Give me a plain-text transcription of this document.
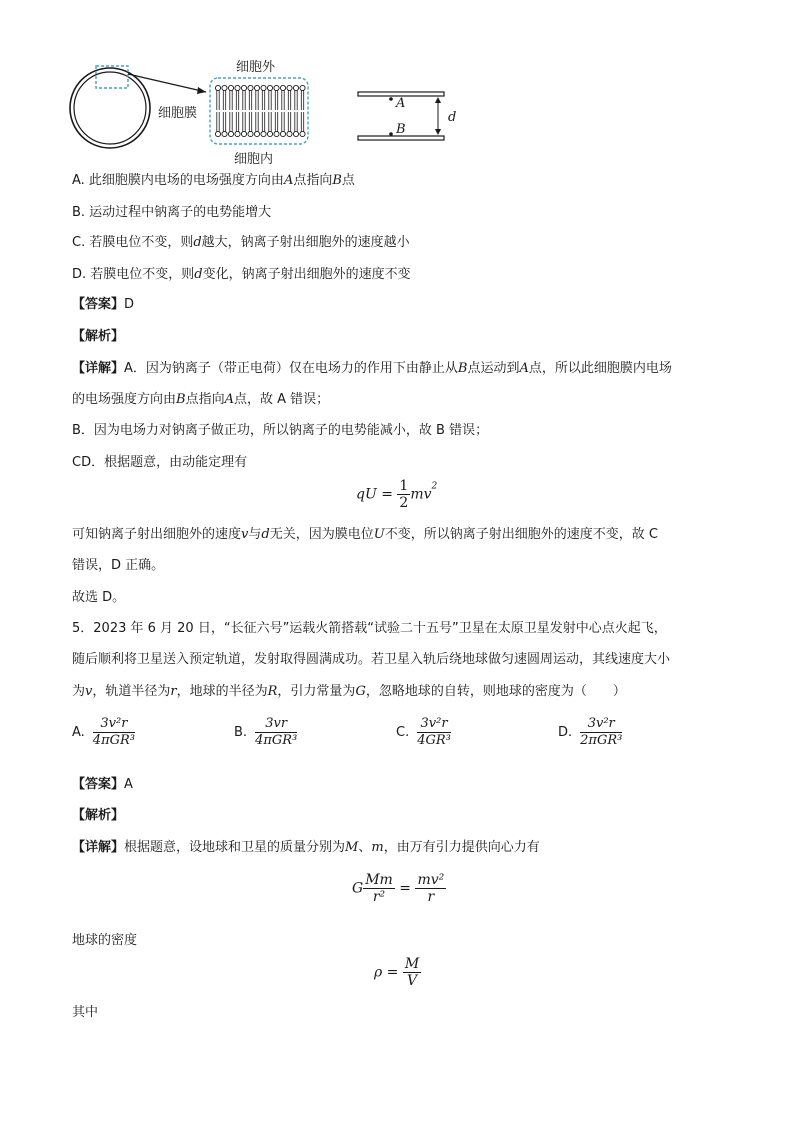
细胞外
细胞膜
细胞内
A
B
d
A. 此细胞膜内电场的电场强度方向由A点指向B点
B. 运动过程中钠离子的电势能增大
C. 若膜电位不变，则d越大，钠离子射出细胞外的速度越小
D. 若膜电位不变，则d变化，钠离子射出细胞外的速度不变
【答案】D
【解析】
【详解】A．因为钠离子（带正电荷）仅在电场力的作用下由静止从B点运动到A点，所以此细胞膜内电场
的电场强度方向由B点指向A点，故 A 错误；
B．因为电场力对钠离子做正功，所以钠离子的电势能减小，故 B 错误；
CD．根据题意，由动能定理有
qU = $\frac{1}{2} mv^2$
可知钠离子射出细胞外的速度v与d无关，因为膜电位U不变，所以钠离子射出细胞外的速度不变，故 C
错误，D 正确。
故选 D。
5．2023 年 6 月 20 日，“长征六号”运载火箭搭载“试验二十五号”卫星在太原卫星发射中心点火起飞，
随后顺利将卫星送入预定轨道，发射取得圆满成功。若卫星入轨后绕地球做匀速圆周运动，其线速度大小
为v，轨道半径为r，地球的半径为R，引力常量为G，忽略地球的自转，则地球的密度为（　　）
A. $\frac{\text{3v²r}}{\text{4πGR³}}$	B. $\frac{3vr}{\text{4πGR³}}$	C. $\frac{\text{3v²r}}{\text{4GR³}}$	D. $\frac{\text{3v²r}}{\text{2πGR³}}$
【答案】A
【解析】
【详解】根据题意，设地球和卫星的质量分别为M、m，由万有引力提供向心力有
G $\frac{Mm}{\text{r²}} = \frac{\text{mv²}}{r}$
地球的密度
$\rho = \frac{M}{V}$
其中
